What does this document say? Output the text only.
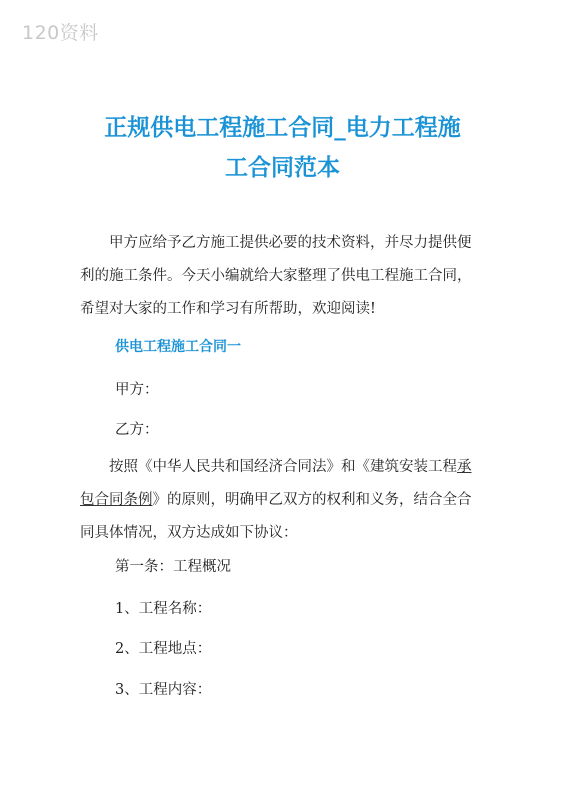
120资料
正规供电工程施工合同_电力工程施
工合同范本
　　甲方应给予乙方施工提供必要的技术资料，并尽力提供便
利的施工条件。今天小编就给大家整理了供电工程施工合同，
希望对大家的工作和学习有所帮助，欢迎阅读!
供电工程施工合同一
甲方：
乙方：
　　按照《中华人民共和国经济合同法》和《建筑安装工程承
包合同条例》的原则，明确甲乙双方的权利和义务，结合全合
同具体情况，双方达成如下协议：
第一条：工程概况
1、工程名称：
2、工程地点：
3、工程内容：
